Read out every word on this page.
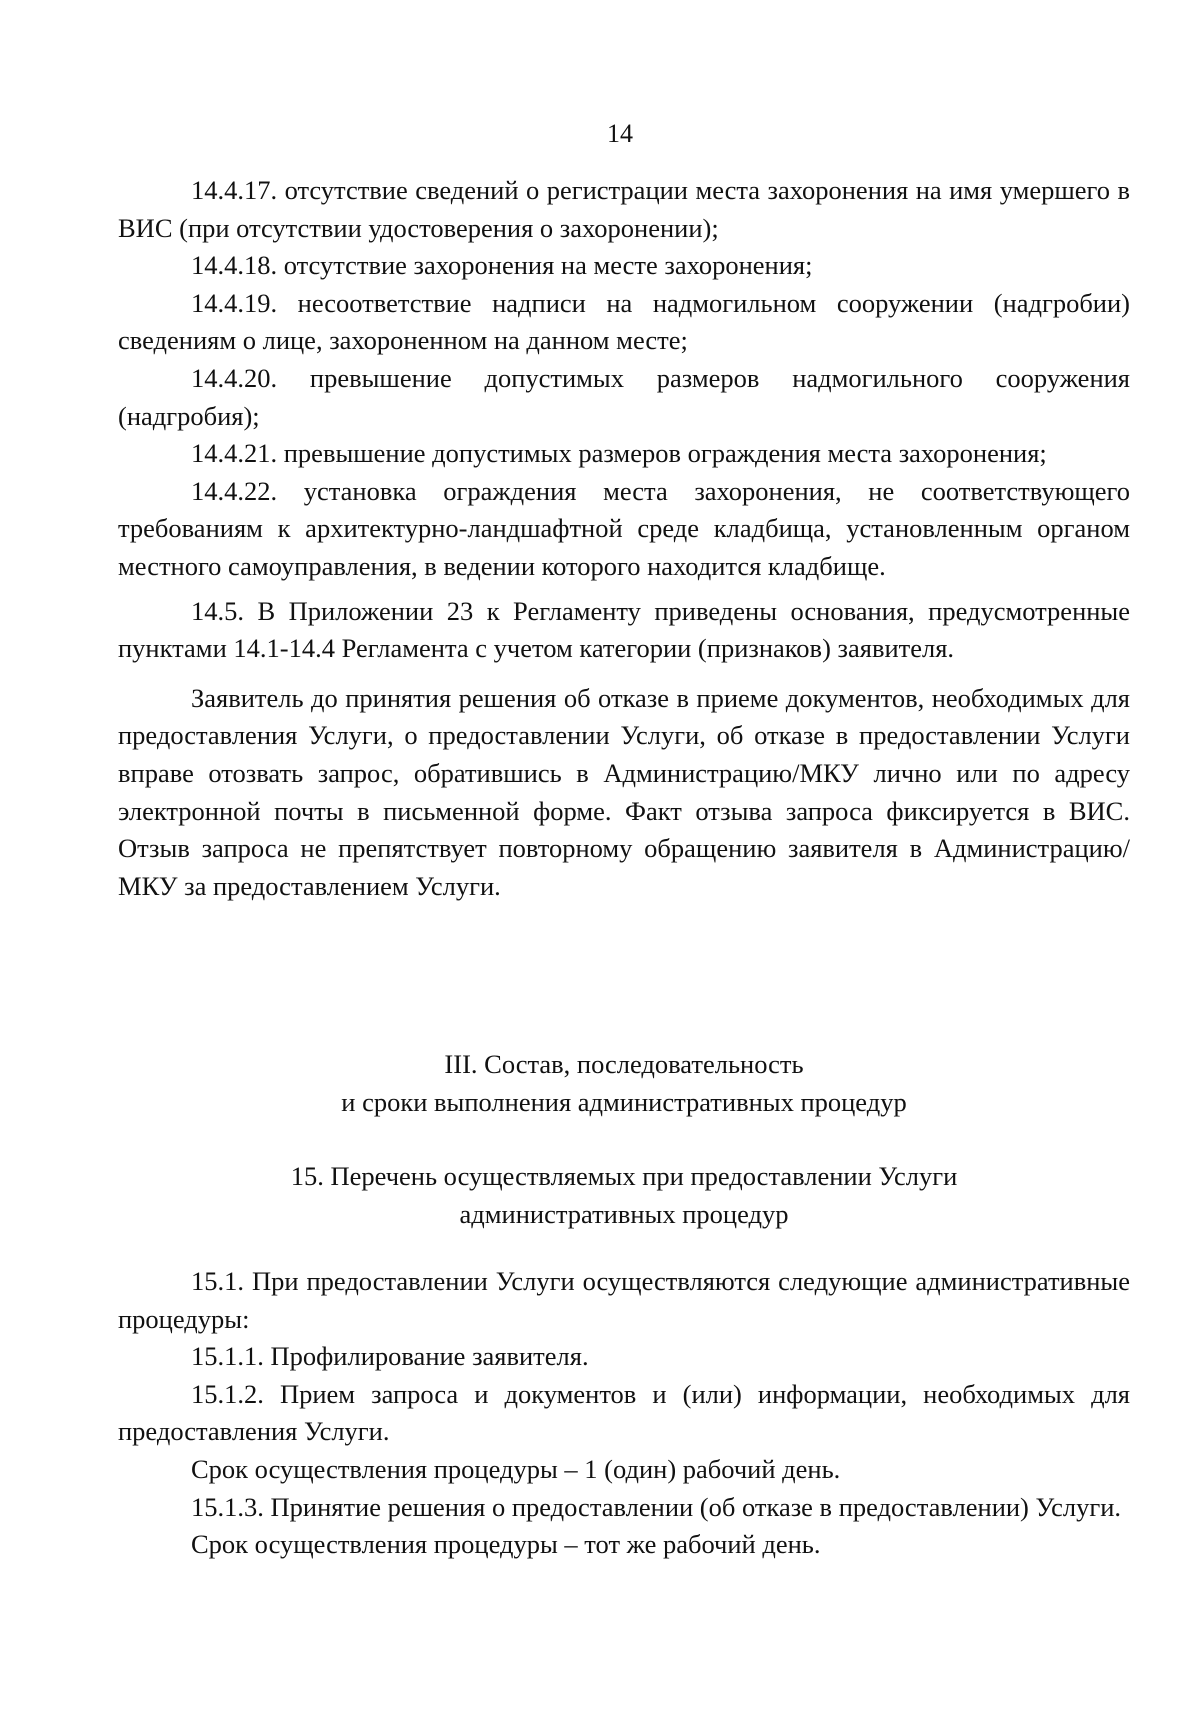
14

14.4.17. отсутствие сведений о регистрации места захоронения на имя умершего в ВИС (при отсутствии удостоверения о захоронении);

14.4.18. отсутствие захоронения на месте захоронения;

14.4.19. несоответствие надписи на надмогильном сооружении (надгробии) сведениям о лице, захороненном на данном месте;

14.4.20. превышение допустимых размеров надмогильного сооружения (надгробия);

14.4.21. превышение допустимых размеров ограждения места захоронения;

14.4.22. установка ограждения места захоронения, не соответствующего требованиям к архитектурно-ландшафтной среде кладбища, установленным органом местного самоуправления, в ведении которого находится кладбище.

14.5. В Приложении 23 к Регламенту приведены основания, предусмотренные пунктами 14.1-14.4 Регламента с учетом категории (признаков) заявителя.

Заявитель до принятия решения об отказе в приеме документов, необходимых для предоставления Услуги, о предоставлении Услуги, об отказе в предоставлении Услуги вправе отозвать запрос, обратившись в Администрацию/МКУ лично или по адресу электронной почты в письменной форме. Факт отзыва запроса фиксируется в ВИС. Отзыв запроса не препятствует повторному обращению заявителя в Администрацию/МКУ за предоставлением Услуги.

III. Состав, последовательность
и сроки выполнения административных процедур
15. Перечень осуществляемых при предоставлении Услуги
административных процедур

15.1. При предоставлении Услуги осуществляются следующие административные процедуры:

15.1.1. Профилирование заявителя.

15.1.2. Прием запроса и документов и (или) информации, необходимых для предоставления Услуги.

Срок осуществления процедуры – 1 (один) рабочий день.

15.1.3. Принятие решения о предоставлении (об отказе в предоставлении) Услуги.

Срок осуществления процедуры – тот же рабочий день.
